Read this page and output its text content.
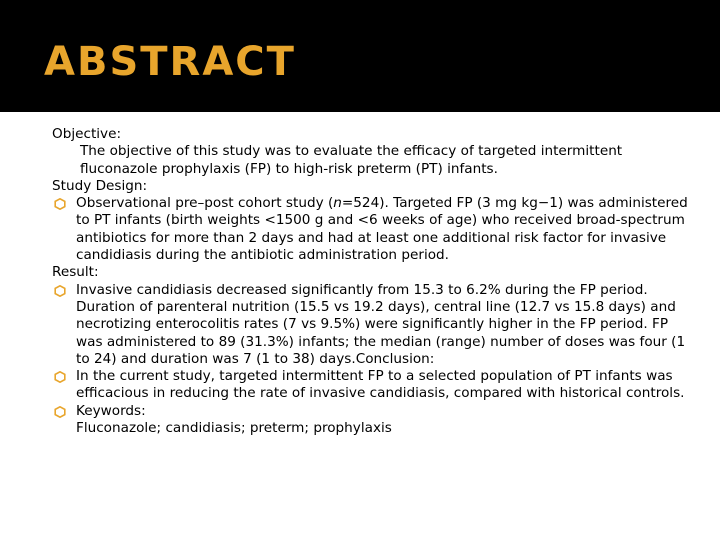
ABSTRACT
Objective:
The objective of this study was to evaluate the efficacy of targeted intermittent fluconazole prophylaxis (FP) to high-risk preterm (PT) infants.
Study Design:
Observational pre–post cohort study (n=524). Targeted FP (3 mg kg−1) was administered to PT infants (birth weights <1500 g and <6 weeks of age) who received broad-spectrum antibiotics for more than 2 days and had at least one additional risk factor for invasive candidiasis during the antibiotic administration period.
Result:
Invasive candidiasis decreased significantly from 15.3 to 6.2% during the FP period. Duration of parenteral nutrition (15.5 vs 19.2 days), central line (12.7 vs 15.8 days) and necrotizing enterocolitis rates (7 vs 9.5%) were significantly higher in the FP period. FP was administered to 89 (31.3%) infants; the median (range) number of doses was four (1 to 24) and duration was 7 (1 to 38) days.Conclusion:
In the current study, targeted intermittent FP to a selected population of PT infants was efficacious in reducing the rate of invasive candidiasis, compared with historical controls.
Keywords:
Fluconazole; candidiasis; preterm; prophylaxis
